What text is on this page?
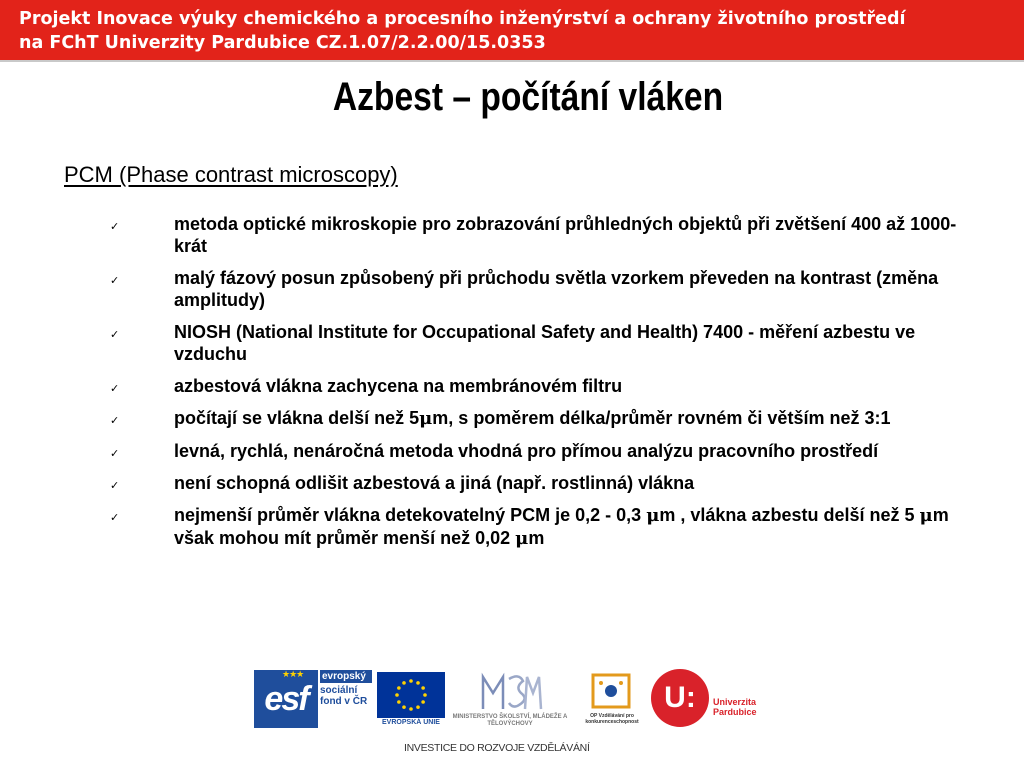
Projekt Inovace výuky chemického a procesního inženýrství a ochrany životního prostředí
na FChT Univerzity Pardubice CZ.1.07/2.2.00/15.0353
Azbest – počítání vláken
PCM (Phase contrast microscopy)
✓	metoda optické mikroskopie pro zobrazování průhledných objektů při zvětšení 400 až 1000-krát
✓	malý fázový posun způsobený při průchodu světla vzorkem převeden na kontrast (změna amplitudy)
✓	NIOSH (National Institute for Occupational Safety and Health) 7400 - měření azbestu ve vzduchu
✓	azbestová vlákna zachycena na membránovém filtru
✓	počítají se vlákna delší než 5μm, s poměrem délka/průměr rovném či větším než 3:1
✓	levná, rychlá, nenáročná metoda vhodná pro přímou analýzu pracovního prostředí
✓	není schopná odlišit azbestová a jiná (např. rostlinná) vlákna
✓	nejmenší průměr vlákna detekovatelný PCM je 0,2 - 0,3 μm , vlákna azbestu delší než 5 μm však mohou mít průměr menší než 0,02 μm
esf
★★★ evropský
sociální
fond v ČR
EVROPSKÁ UNIE
MINISTERSTVO ŠKOLSTVÍ, MLÁDEŽE A TĚLOVÝCHOVY
OP Vzdělávání pro konkurenceschopnost
U:	Univerzita
Pardubice
INVESTICE DO ROZVOJE VZDĚLÁVÁNÍ
